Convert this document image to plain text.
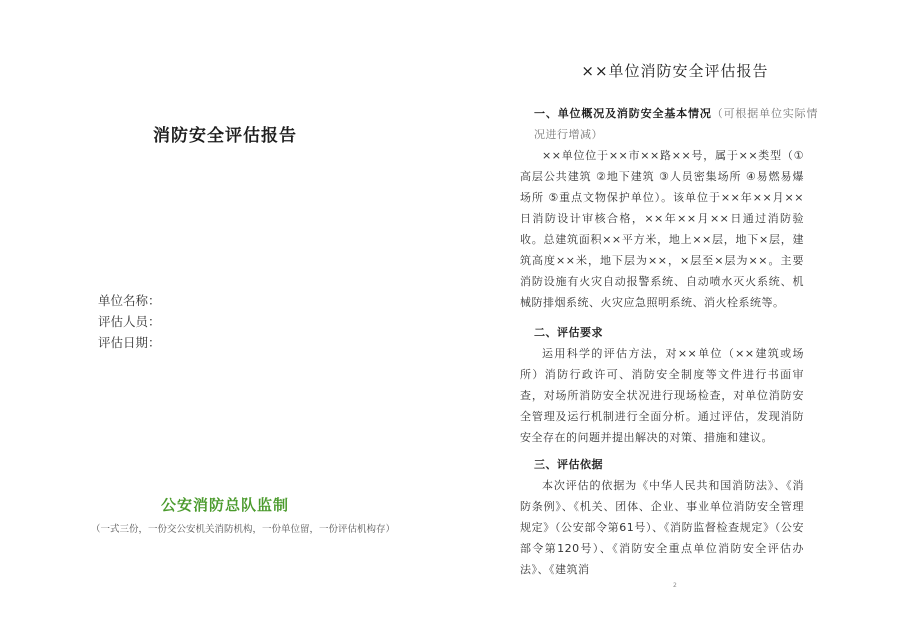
消防安全评估报告
单位名称：
评估人员：
评估日期：
公安消防总队监制
（一式三份，一份交公安机关消防机构，一份单位留，一份评估机构存）
××单位消防安全评估报告
一、单位概况及消防安全基本情况（可根据单位实际情况进行增减）
××单位位于××市××路××号，属于××类型（①高层公共建筑 ②地下建筑 ③人员密集场所 ④易燃易爆场所 ⑤重点文物保护单位）。该单位于××年××月××日消防设计审核合格，××年××月××日通过消防验收。总建筑面积××平方米，地上××层，地下×层，建筑高度××米，地下层为××，×层至×层为××。主要消防设施有火灾自动报警系统、自动喷水灭火系统、机械防排烟系统、火灾应急照明系统、消火栓系统等。
二、评估要求
运用科学的评估方法，对××单位（××建筑或场所）消防行政许可、消防安全制度等文件进行书面审查，对场所消防安全状况进行现场检查，对单位消防安全管理及运行机制进行全面分析。通过评估，发现消防安全存在的问题并提出解决的对策、措施和建议。
三、评估依据
本次评估的依据为《中华人民共和国消防法》、《消防条例》、《机关、团体、企业、事业单位消防安全管理规定》（公安部令第61号）、《消防监督检查规定》（公安部令第120号）、《消防安全重点单位消防安全评估办法》、《建筑消
2
